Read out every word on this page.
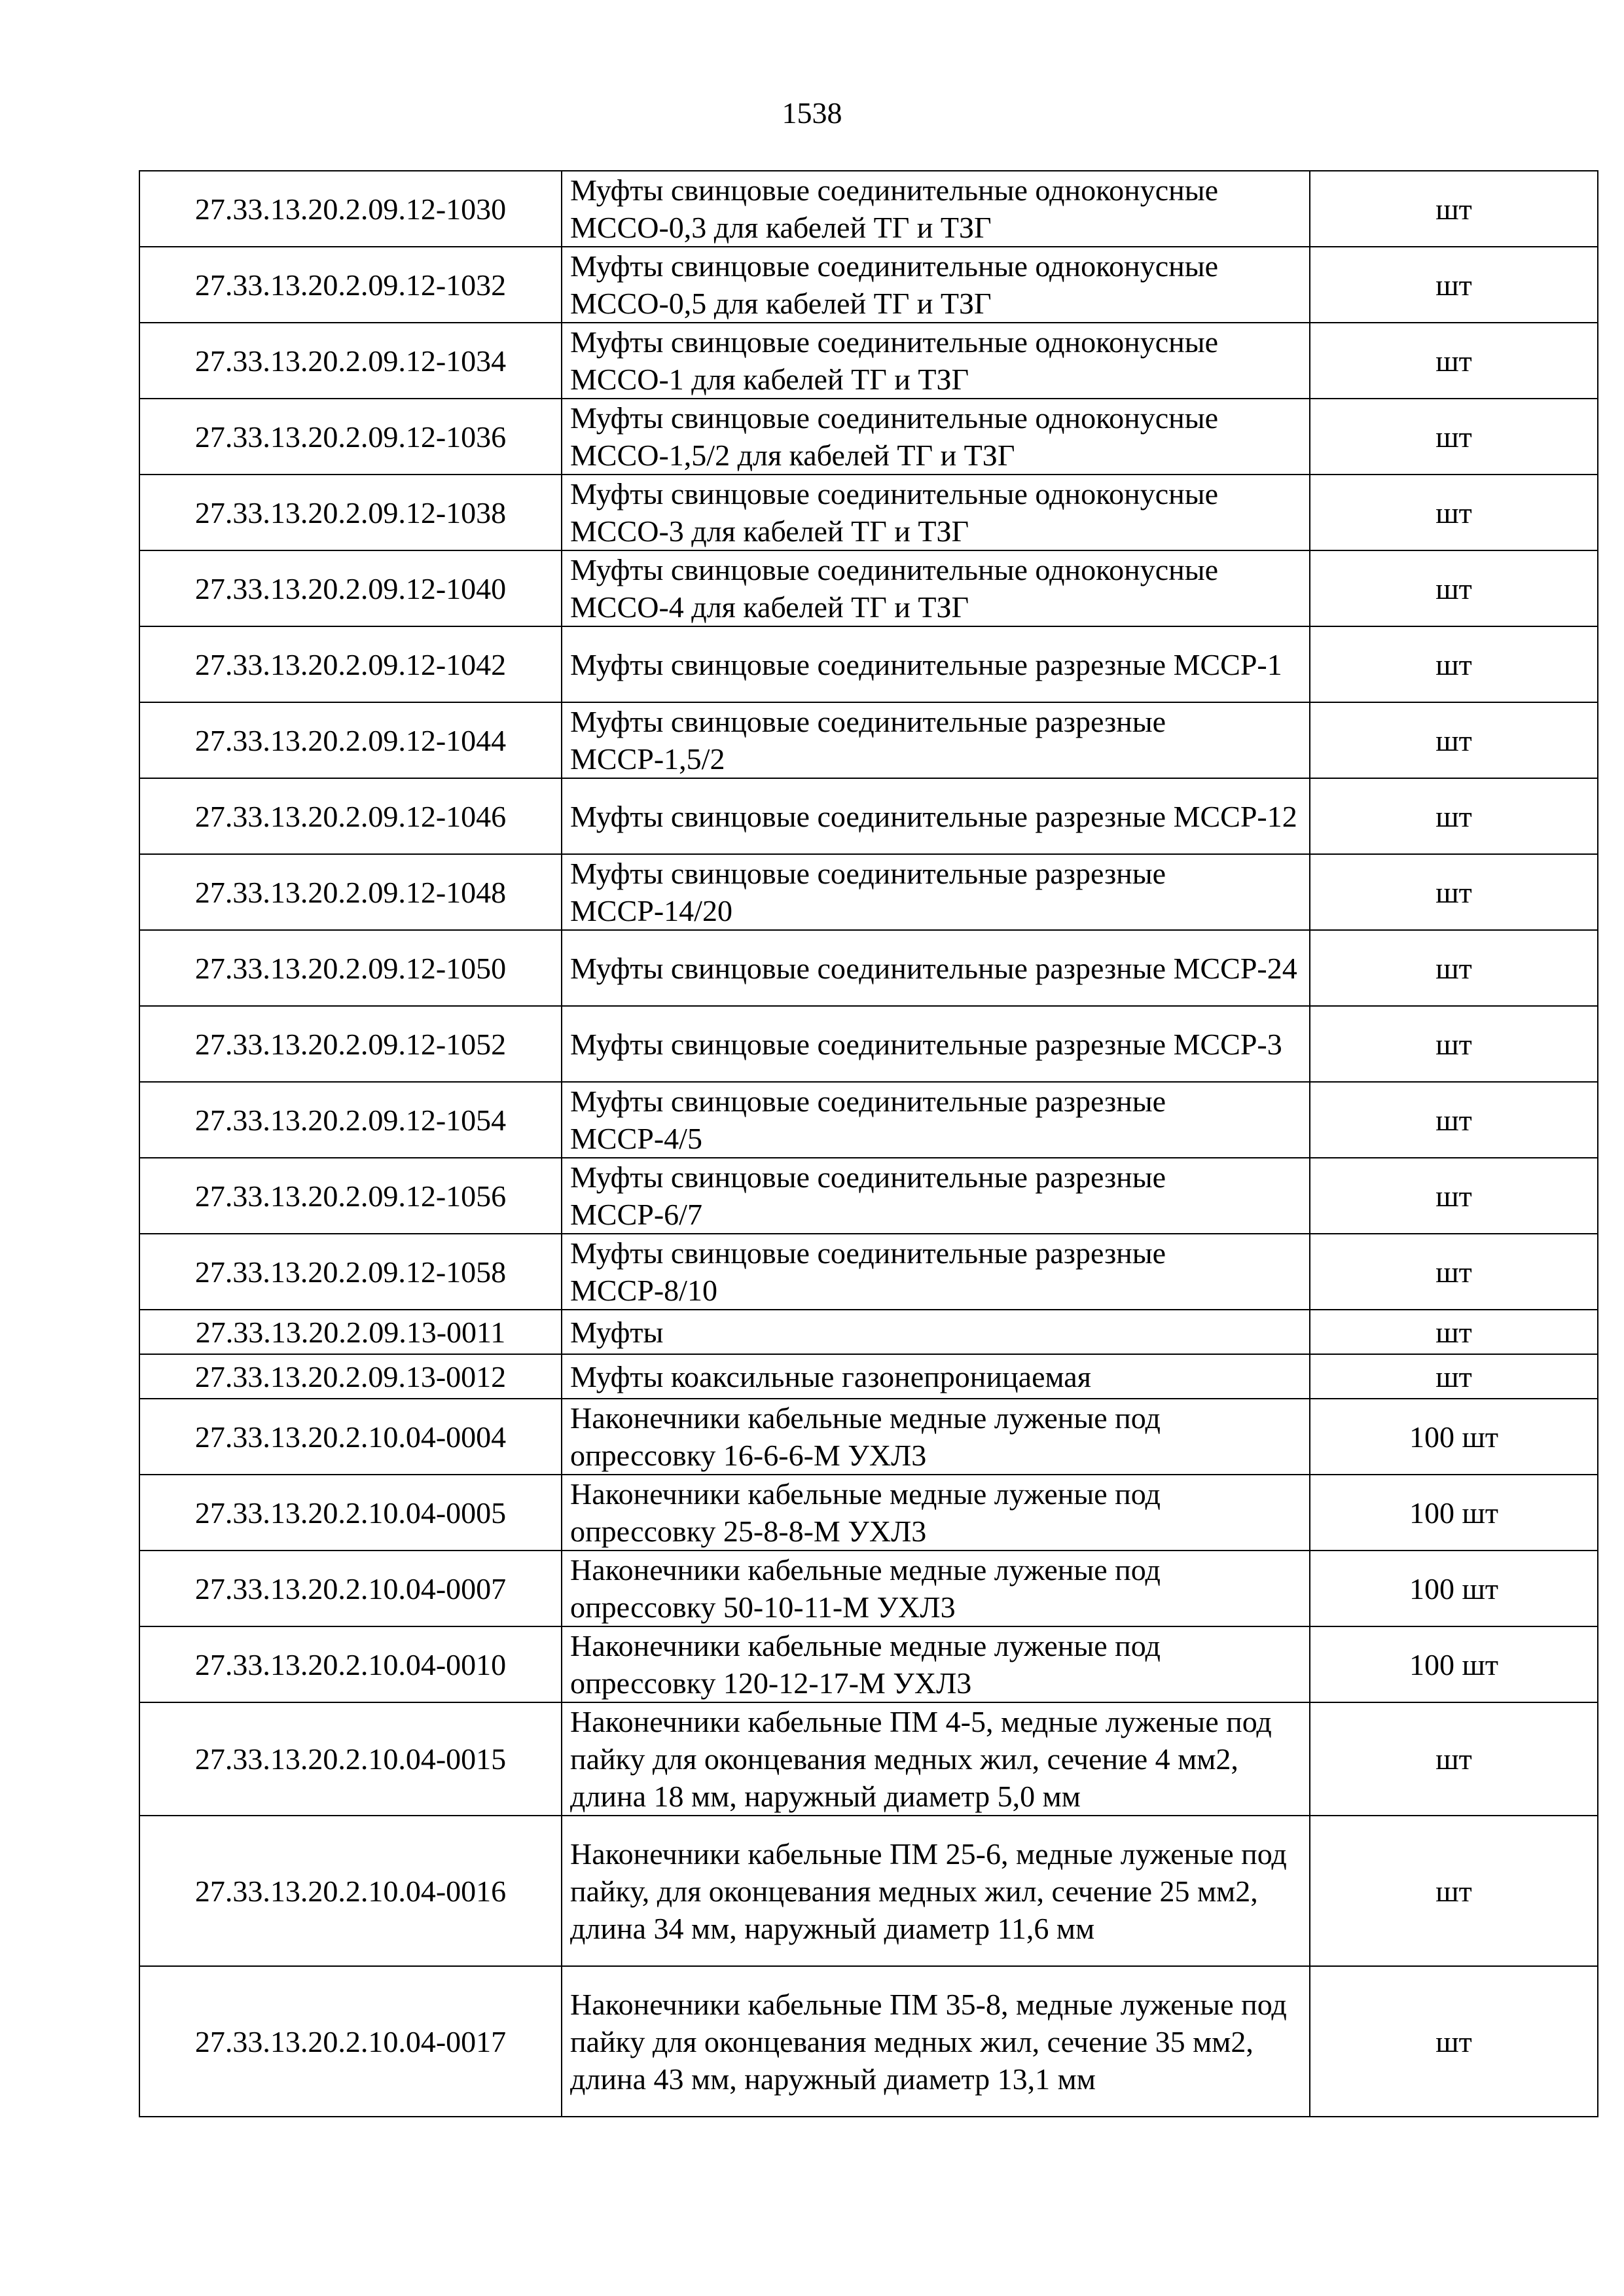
1538
27.33.13.20.2.09.12-1030	Муфты свинцовые соединительные одноконусные МССО-0,3 для кабелей ТГ и ТЗГ	шт
27.33.13.20.2.09.12-1032	Муфты свинцовые соединительные одноконусные МССО-0,5 для кабелей ТГ и ТЗГ	шт
27.33.13.20.2.09.12-1034	Муфты свинцовые соединительные одноконусные МССО-1 для кабелей ТГ и ТЗГ	шт
27.33.13.20.2.09.12-1036	Муфты свинцовые соединительные одноконусные МССО-1,5/2 для кабелей ТГ и ТЗГ	шт
27.33.13.20.2.09.12-1038	Муфты свинцовые соединительные одноконусные МССО-3 для кабелей ТГ и ТЗГ	шт
27.33.13.20.2.09.12-1040	Муфты свинцовые соединительные одноконусные МССО-4 для кабелей ТГ и ТЗГ	шт
27.33.13.20.2.09.12-1042	Муфты свинцовые соединительные разрезные МССР-1	шт
27.33.13.20.2.09.12-1044	Муфты свинцовые соединительные разрезные МССР-1,5/2	шт
27.33.13.20.2.09.12-1046	Муфты свинцовые соединительные разрезные МССР-12	шт
27.33.13.20.2.09.12-1048	Муфты свинцовые соединительные разрезные МССР-14/20	шт
27.33.13.20.2.09.12-1050	Муфты свинцовые соединительные разрезные МССР-24	шт
27.33.13.20.2.09.12-1052	Муфты свинцовые соединительные разрезные МССР-3	шт
27.33.13.20.2.09.12-1054	Муфты свинцовые соединительные разрезные МССР-4/5	шт
27.33.13.20.2.09.12-1056	Муфты свинцовые соединительные разрезные МССР-6/7	шт
27.33.13.20.2.09.12-1058	Муфты свинцовые соединительные разрезные МССР-8/10	шт
27.33.13.20.2.09.13-0011	Муфты	шт
27.33.13.20.2.09.13-0012	Муфты коаксильные газонепроницаемая	шт
27.33.13.20.2.10.04-0004	Наконечники кабельные медные луженые под опрессовку 16-6-6-М УХЛ3	100 шт
27.33.13.20.2.10.04-0005	Наконечники кабельные медные луженые под опрессовку 25-8-8-М УХЛ3	100 шт
27.33.13.20.2.10.04-0007	Наконечники кабельные медные луженые под опрессовку 50-10-11-М УХЛ3	100 шт
27.33.13.20.2.10.04-0010	Наконечники кабельные медные луженые под опрессовку 120-12-17-М УХЛ3	100 шт
27.33.13.20.2.10.04-0015	Наконечники кабельные ПМ 4-5, медные луженые под пайку для оконцевания медных жил, сечение 4 мм2, длина 18 мм, наружный диаметр 5,0 мм	шт
27.33.13.20.2.10.04-0016	Наконечники кабельные ПМ 25-6, медные луженые под пайку, для оконцевания медных жил, сечение 25 мм2, длина 34 мм, наружный диаметр 11,6 мм	шт
27.33.13.20.2.10.04-0017	Наконечники кабельные ПМ 35-8, медные луженые под пайку для оконцевания медных жил, сечение 35 мм2, длина 43 мм, наружный диаметр 13,1 мм	шт
